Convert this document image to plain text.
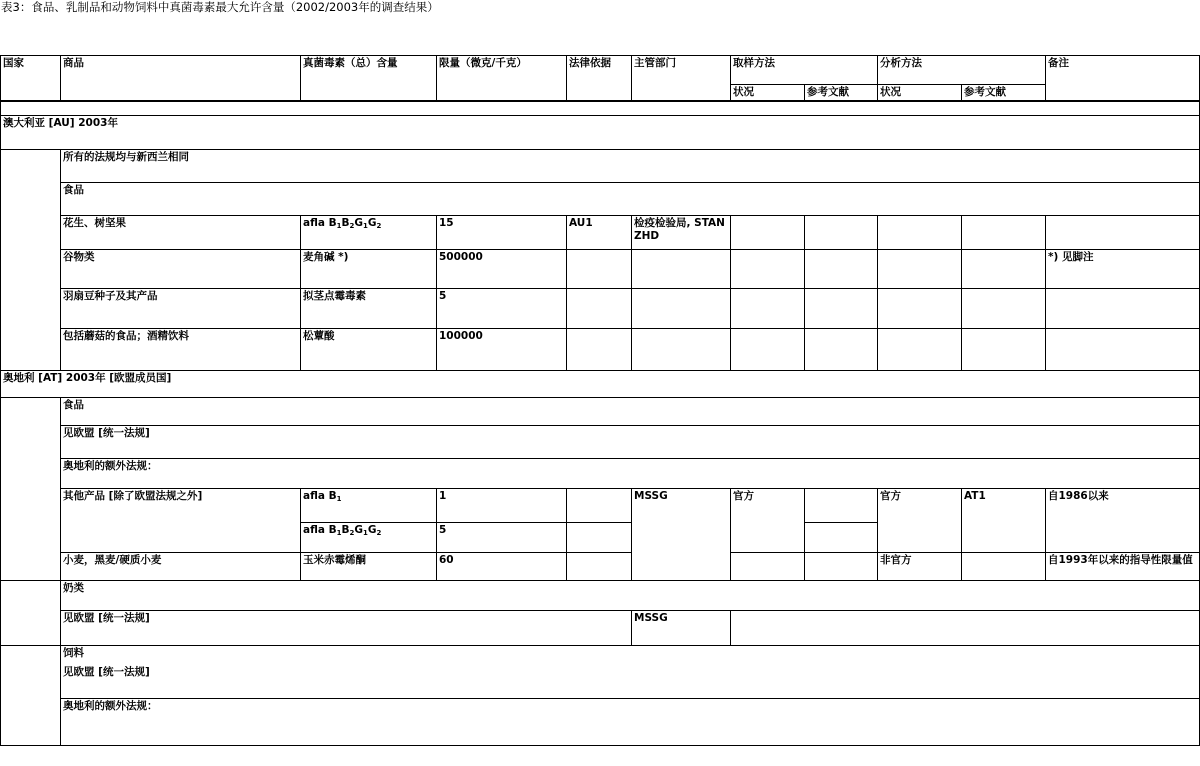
表3：食品、乳制品和动物饲料中真菌毒素最大允许含量（2002/2003年的调查结果）
国家	商品	真菌毒素（总）含量	限量（微克/千克）	法律依据	主管部门	取样方法		分析方法		备注
						状况	参考文献	状况	参考文献	

澳大利亚 [AU] 2003年										
	所有的法规均与新西兰相同									
	食品									
	花生、树坚果	afla $B_1B_2G_1G_2$	15	AU1	检疫检验局, STANZHD					
	谷物类	麦角碱 *)	500000							*) 见脚注
	羽扇豆种子及其产品	拟茎点霉毒素	5							
	包括蘑菇的食品；酒精饮料	松蕈酸	100000							
奥地利 [AT] 2003年 [欧盟成员国]										
	食品									
	见欧盟 [统一法规]									
	奥地利的额外法规：									
	其他产品 [除了欧盟法规之外]	afla $B_1$	1		MSSG	官方		官方	AT1	自1986以来
		afla $B_1B_2G_1G_2$	5							
	小麦，黑麦/硬质小麦	玉米赤霉烯酮	60					非官方		自1993年以来的指导性限量值
	奶类									
	见欧盟 [统一法规]				MSSG					
	饲料									
	见欧盟 [统一法规]									
	奥地利的额外法规：									
